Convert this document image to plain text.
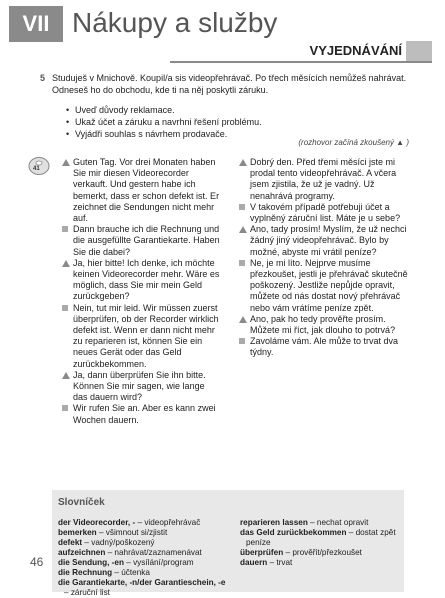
VII Nákupy a služby
VYJEDNÁVÁNÍ
5 Studuješ v Mnichově. Koupil/a sis videopřehrávač. Po třech měsících nemůžeš nahrávat. Odneseš ho do obchodu, kde ti na něj poskytli záruku.
• Uveď důvody reklamace.
• Ukaž účet a záruku a navrhni řešení problému.
• Vyjádři souhlas s návrhem prodavače.
(rozhovor začíná zkoušený ▲ )
41
Guten Tag. Vor drei Monaten haben Sie mir diesen Videorecorder verkauft. Und gestern habe ich bemerkt, dass er schon defekt ist. Er zeichnet die Sendungen nicht mehr auf.
Dann brauche ich die Rechnung und die ausgefüllte Garantiekarte. Haben Sie die dabei?
Ja, hier bitte! Ich denke, ich möchte keinen Videorecorder mehr. Wäre es möglich, dass Sie mir mein Geld zurückgeben?
Nein, tut mir leid. Wir müssen zuerst überprüfen, ob der Recorder wirklich defekt ist. Wenn er dann nicht mehr zu reparieren ist, können Sie ein neues Gerät oder das Geld zurückbekommen.
Ja, dann überprüfen Sie ihn bitte. Können Sie mir sagen, wie lange das dauern wird?
Wir rufen Sie an. Aber es kann zwei Wochen dauern.
Dobrý den. Před třemi měsíci jste mi prodal tento videopřehrávač. A včera jsem zjistila, že už je vadný. Už nenahrává programy.
V takovém případě potřebuji účet a vyplněný záruční list. Máte je u sebe?
Ano, tady prosím! Myslím, že už nechci žádný jiný videopřehrávač. Bylo by možné, abyste mi vrátil peníze?
Ne, je mi líto. Nejprve musíme přezkoušet, jestli je přehrávač skutečně poškozený. Jestliže nepůjde opravit, můžete od nás dostat nový přehrávač nebo vám vrátíme peníze zpět.
Ano, pak ho tedy prověřte prosím. Můžete mi říct, jak dlouho to potrvá?
Zavoláme vám. Ale může to trvat dva týdny.
Slovníček
der Videorecorder, - – videopřehrávač
bemerken – všimnout si/zjistit
defekt – vadný/poškozený
aufzeichnen – nahrávat/zaznamenávat
die Sendung, -en – vysílání/program
die Rechnung – účtenka
die Garantiekarte, -n/der Garantieschein, -e
– záruční list
reparieren lassen – nechat opravit
das Geld zurückbekommen – dostat zpět
peníze
überprüfen – prověřit/přezkoušet
dauern – trvat
46
